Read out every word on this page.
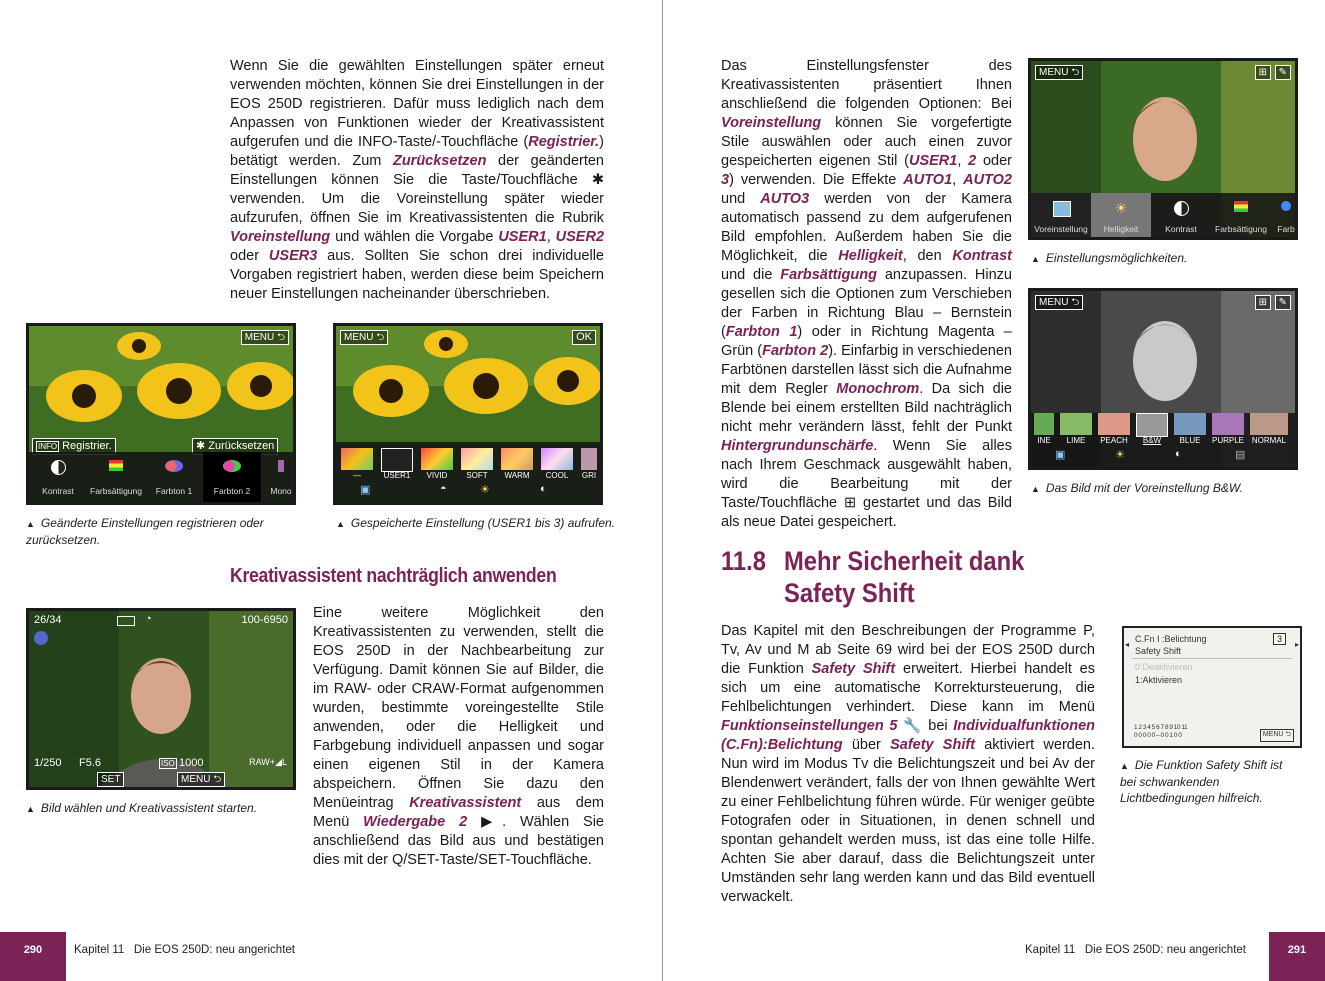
Wenn Sie die gewählten Einstellungen später erneut verwenden möchten, können Sie drei Einstellungen in der EOS 250D registrieren. Dafür muss lediglich nach dem Anpassen von Funktionen wieder der Kreativassistent aufgerufen und die INFO-Taste/-Touchfläche (Registrier.) betätigt werden. Zum Zurücksetzen der geänderten Einstellungen können Sie die Taste/Touchfläche ✱ verwenden. Um die Voreinstellung später wieder aufzurufen, öffnen Sie im Kreativassistenten die Rubrik Voreinstellung und wählen die Vorgabe USER1, USER2 oder USER3 aus. Sollten Sie schon drei individuelle Vorgaben registriert haben, werden diese beim Speichern neuer Einstellungen nacheinander überschrieben.
MENU ⮌
INFO Registrier.	✱ Zurücksetzen
Kontrast	Farbsättigung	Farbton 1	Farbton 2	Mono
▲ Geänderte Einstellungen registrieren oder zurücksetzen.
MENU ⮌	OK
—	USER1	VIVID	SOFT	WARM	COOL	GRI
▣	◓	☀	◐
▲ Gespeicherte Einstellung (USER1 bis 3) aufrufen.
Kreativassistent nachträglich anwenden
26/34	◔	100-6950
1/250 F5.6	ISO 1000	RAW+◢L
SET	MENU ⮌
▲ Bild wählen und Kreativassistent starten.
Eine weitere Möglichkeit den Kreativassistenten zu verwenden, stellt die EOS 250D in der Nachbearbeitung zur Verfügung. Damit können Sie auf Bilder, die im RAW- oder CRAW-Format aufgenommen wurden, bestimmte voreingestellte Stile anwenden, oder die Helligkeit und Farbgebung individuell anpassen und sogar einen eigenen Stil in der Kamera abspeichern. Öffnen Sie dazu den Menüeintrag Kreativassistent aus dem Menü Wiedergabe 2 ▶. Wählen Sie anschließend das Bild aus und bestätigen dies mit der Q/SET-Taste/SET-Touchfläche.
290	Kapitel 11   Die EOS 250D: neu angerichtet
Das Einstellungsfenster des Kreativassistenten präsentiert Ihnen anschließend die folgenden Optionen: Bei Voreinstellung können Sie vorgefertigte Stile auswählen oder auch einen zuvor gespeicherten eigenen Stil (USER1, 2 oder 3) verwenden. Die Effekte AUTO1, AUTO2 und AUTO3 werden von der Kamera automatisch passend zu dem aufgerufenen Bild empfohlen. Außerdem haben Sie die Möglichkeit, die Helligkeit, den Kontrast und die Farbsättigung anzupassen. Hinzu gesellen sich die Optionen zum Verschieben der Farben in Richtung Blau – Bernstein (Farbton 1) oder in Richtung Magenta – Grün (Farbton 2). Einfarbig in verschiedenen Farbtönen darstellen lässt sich die Aufnahme mit dem Regler Monochrom. Da sich die Blende bei einem erstellten Bild nachträglich nicht mehr verändern lässt, fehlt der Punkt Hintergrundunschärfe. Wenn Sie alles nach Ihrem Geschmack ausgewählt haben, wird die Bearbeitung mit der Taste/Touchfläche ⊞ gestartet und das Bild als neue Datei gespeichert.
MENU ⮌	⊞	✎
Voreinstellung
☀
Helligkeit	Kontrast	Farbsättigung	Farb
▲ Einstellungsmöglichkeiten.
MENU ⮌	⊞	✎
INE	LIME	PEACH	B&W	BLUE	PURPLE NORMAL
▣	☀	◐	▤
▲ Das Bild mit der Voreinstellung B&W.
11.8 Mehr Sicherheit dank
Safety Shift
Das Kapitel mit den Beschreibungen der Programme P, Tv, Av und M ab Seite 69 wird bei der EOS 250D durch die Funktion Safety Shift erweitert. Hierbei handelt es sich um eine automatische Korrektursteuerung, die Fehlbelichtungen verhindert. Diese kann im Menü Funktionseinstellungen 5 🔧 bei Individualfunktionen (C.Fn):Belichtung über Safety Shift aktiviert werden. Nun wird im Modus Tv die Belichtungszeit und bei Av der Blendenwert verändert, falls der von Ihnen gewählte Wert zu einer Fehlbelichtung führen würde. Für weniger geübte Fotografen oder in Situationen, in denen schnell und spontan gehandelt werden muss, ist das eine tolle Hilfe. Achten Sie aber darauf, dass die Belichtungszeit unter Umständen sehr lang werden kann und das Bild eventuell verwackelt.
C.Fn I :Belichtung
Safety Shift
3
◂	▸
0:Deaktivieren
1:Aktivieren
1 2 3 4 5 6 7 8 9 10 11
0 0 0 0 0 – 0 0 1 0 0	MENU ⮌
▲ Die Funktion Safety Shift ist bei schwankenden Lichtbedingungen hilfreich.
Kapitel 11   Die EOS 250D: neu angerichtet	291
